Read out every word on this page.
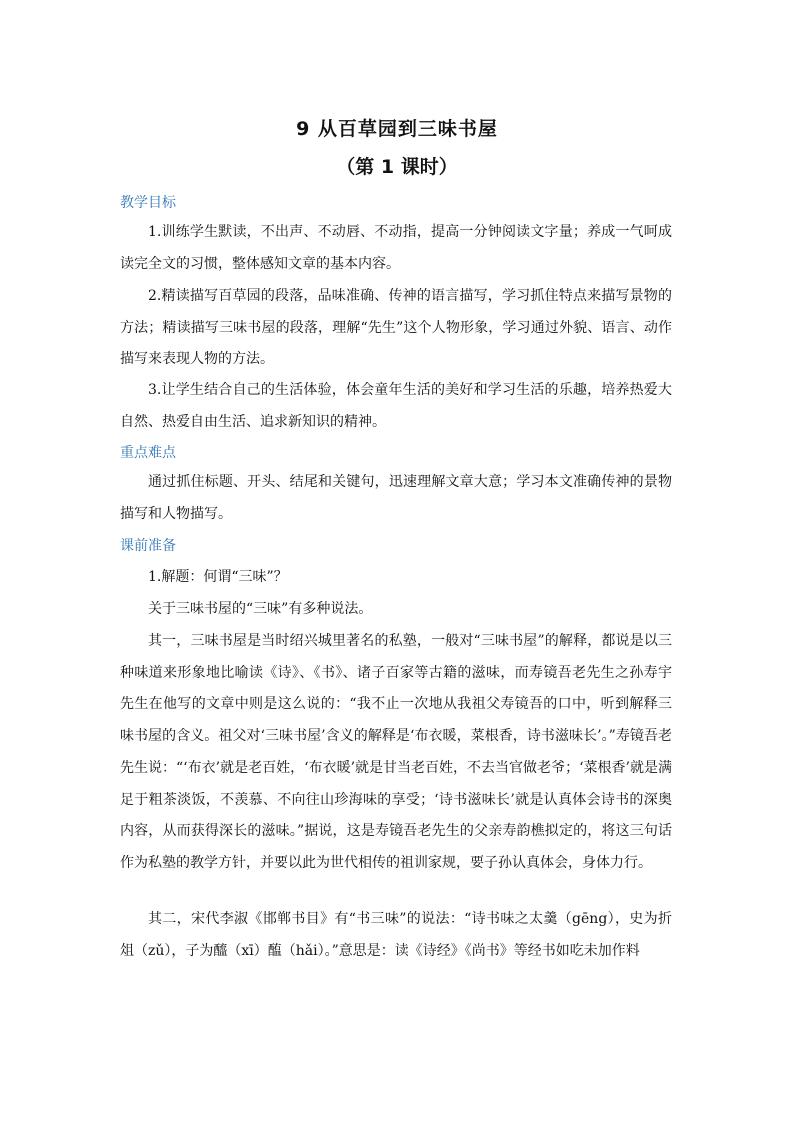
9 从百草园到三味书屋
（第 1 课时）
教学目标
1.训练学生默读，不出声、不动唇、不动指，提高一分钟阅读文字量；养成一气呵成读完全文的习惯，整体感知文章的基本内容。
2.精读描写百草园的段落，品味准确、传神的语言描写，学习抓住特点来描写景物的方法；精读描写三味书屋的段落，理解“先生”这个人物形象，学习通过外貌、语言、动作描写来表现人物的方法。
3.让学生结合自己的生活体验，体会童年生活的美好和学习生活的乐趣，培养热爱大自然、热爱自由生活、追求新知识的精神。
重点难点
通过抓住标题、开头、结尾和关键句，迅速理解文章大意；学习本文准确传神的景物描写和人物描写。
课前准备
1.解题：何谓“三味”？
关于三味书屋的“三味”有多种说法。
其一，三味书屋是当时绍兴城里著名的私塾，一般对“三味书屋”的解释，都说是以三种味道来形象地比喻读《诗》、《书》、诸子百家等古籍的滋味，而寿镜吾老先生之孙寿宇先生在他写的文章中则是这么说的：“我不止一次地从我祖父寿镜吾的口中，听到解释三味书屋的含义。祖父对‘三味书屋’含义的解释是‘布衣暖，菜根香，诗书滋味长’。”寿镜吾老先生说：“‘布衣’就是老百姓，‘布衣暖’就是甘当老百姓，不去当官做老爷；‘菜根香’就是满足于粗茶淡饭，不羡慕、不向往山珍海味的享受；‘诗书滋味长’就是认真体会诗书的深奥内容，从而获得深长的滋味。”据说，这是寿镜吾老先生的父亲寿韵樵拟定的，将这三句话作为私塾的教学方针，并要以此为世代相传的祖训家规，要子孙认真体会，身体力行。
其二，宋代李淑《邯郸书目》有“书三味”的说法：“诗书味之太羹（gēng），史为折俎（zǔ），子为醯（xī）醢（hǎi）。”意思是：读《诗经》《尚书》等经书如吃未加作料
